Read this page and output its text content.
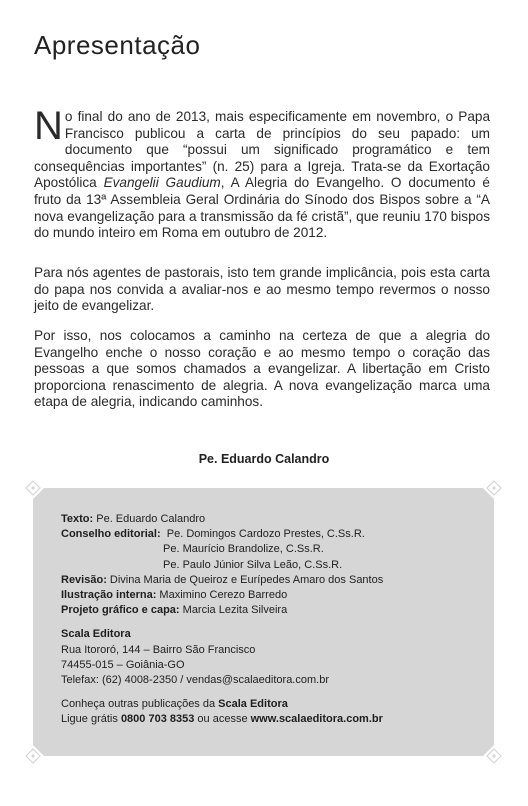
Apresentação

No final do ano de 2013, mais especificamente em novembro, o Papa Francisco publicou a carta de princípios do seu papado: um documento que “possui um significado programático e tem consequências importantes” (n. 25) para a Igreja. Trata-se da Exortação Apostólica Evangelii Gaudium, A Alegria do Evangelho. O documento é fruto da 13ª Assembleia Geral Ordinária do Sínodo dos Bispos sobre a “A nova evangelização para a transmissão da fé cristã”, que reuniu 170 bispos do mundo inteiro em Roma em outubro de 2012.

Para nós agentes de pastorais, isto tem grande implicância, pois esta carta do papa nos convida a avaliar-nos e ao mesmo tempo revermos o nosso jeito de evangelizar.

Por isso, nos colocamos a caminho na certeza de que a alegria do Evangelho enche o nosso coração e ao mesmo tempo o coração das pessoas a que somos chamados a evangelizar. A libertação em Cristo proporciona renascimento de alegria. A nova evangelização marca uma etapa de alegria, indicando caminhos.

Pe. Eduardo Calandro
Texto: Pe. Eduardo Calandro
Conselho editorial: Pe. Domingos Cardozo Prestes, C.Ss.R.
Pe. Maurício Brandolize, C.Ss.R.
Pe. Paulo Júnior Silva Leão, C.Ss.R.
Revisão: Divina Maria de Queiroz e Eurípedes Amaro dos Santos
Ilustração interna: Maximino Cerezo Barredo
Projeto gráfico e capa: Marcia Lezita Silveira
Scala Editora
Rua Itororó, 144 – Bairro São Francisco
74455-015 – Goiânia-GO
Telefax: (62) 4008-2350 / vendas@scalaeditora.com.br
Conheça outras publicações da Scala Editora
Ligue grátis 0800 703 8353 ou acesse www.scalaeditora.com.br
